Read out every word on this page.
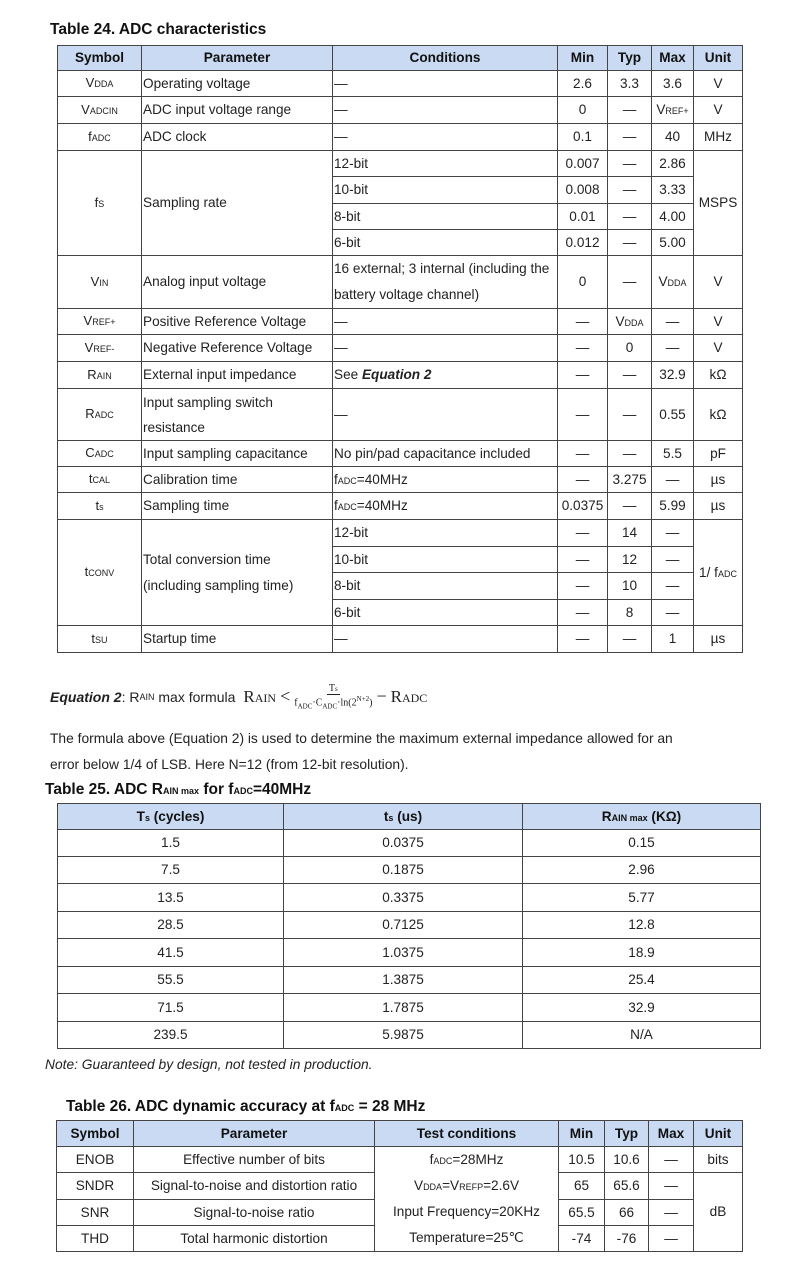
Table 24. ADC characteristics
Symbol	Parameter	Conditions	Min	Typ	Max	Unit
VDDA	Operating voltage	—	2.6	3.3	3.6	V
VADCIN	ADC input voltage range	—	0	—	VREF+	V
fADC	ADC clock	—	0.1	—	40	MHz
fS	Sampling rate	12-bit	0.007	—	2.86	MSPS
		10-bit	0.008	—	3.33	
		8-bit	0.01	—	4.00	
		6-bit	0.012	—	5.00	
VIN	Analog input voltage	16 external; 3 internal (including the battery voltage channel)	0	—	VDDA	V
VREF+	Positive Reference Voltage	—	—	VDDA	—	V
VREF-	Negative Reference Voltage	—	—	0	—	V
RAIN	External input impedance	See Equation 2	—	—	32.9	kΩ
RADC	Input sampling switch resistance	—	—	—	0.55	kΩ
CADC	Input sampling capacitance	No pin/pad capacitance included	—	—	5.5	pF
tCAL	Calibration time	fADC=40MHz	—	3.275	—	µs
ts	Sampling time	fADC=40MHz	0.0375	—	5.99	µs
tCONV	Total conversion time (including sampling time)	12-bit	—	14	—	1/ fADC
		10-bit	—	12	—	
		8-bit	—	10	—	
		6-bit	—	8	—	
tSU	Startup time	—	—	—	1	µs
Equation 2 : R AIN max formula RAIN < $\frac{Ts}{f_{ADC}\cdot C_{ADC}\cdot\ln(2^{N+2})}$ − RADC
The formula above (Equation 2) is used to determine the maximum external impedance allowed for an
error below 1/4 of LSB. Here N=12 (from 12-bit resolution).
Table 25. ADC RAIN max for fADC=40MHz
Ts (cycles)	ts (us)	RAIN max (KΩ)
1.5	0.0375	0.15
7.5	0.1875	2.96
13.5	0.3375	5.77
28.5	0.7125	12.8
41.5	1.0375	18.9
55.5	1.3875	25.4
71.5	1.7875	32.9
239.5	5.9875	N/A
Note: Guaranteed by design, not tested in production.
Table 26. ADC dynamic accuracy at fADC = 28 MHz
Symbol	Parameter	Test conditions	Min	Typ	Max	Unit
ENOB	Effective number of bits	fADC=28MHz
VDDA=VREFP=2.6V
Input Frequency=20KHz
Temperature=25℃	10.5	10.6	—	bits
SNDR	Signal-to-noise and distortion ratio		65	65.6	—	dB
SNR	Signal-to-noise ratio		65.5	66	—	
THD	Total harmonic distortion		-74	-76	—	
